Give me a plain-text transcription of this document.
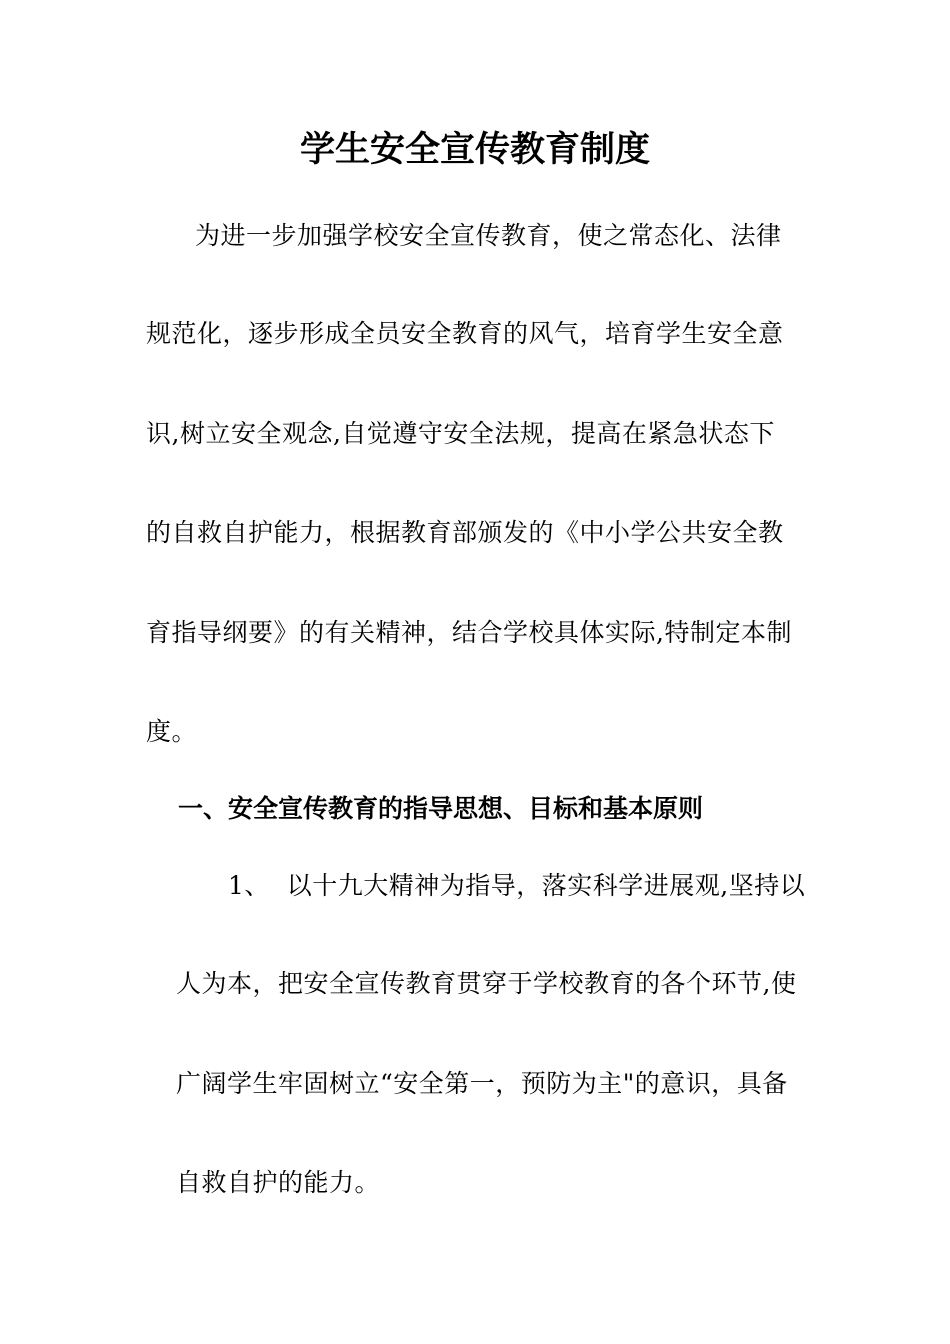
学生安全宣传教育制度
为进一步加强学校安全宣传教育，使之常态化、法律
规范化，逐步形成全员安全教育的风气，培育学生安全意
识,树立安全观念,自觉遵守安全法规，提高在紧急状态下
的自救自护能力，根据教育部颁发的《中小学公共安全教
育指导纲要》的有关精神，结合学校具体实际,特制定本制
度。
一、安全宣传教育的指导思想、目标和基本原则
1、  以十九大精神为指导，落实科学进展观,坚持以
人为本，把安全宣传教育贯穿于学校教育的各个环节,使
广阔学生牢固树立“安全第一，预防为主"的意识，具备
自救自护的能力。
